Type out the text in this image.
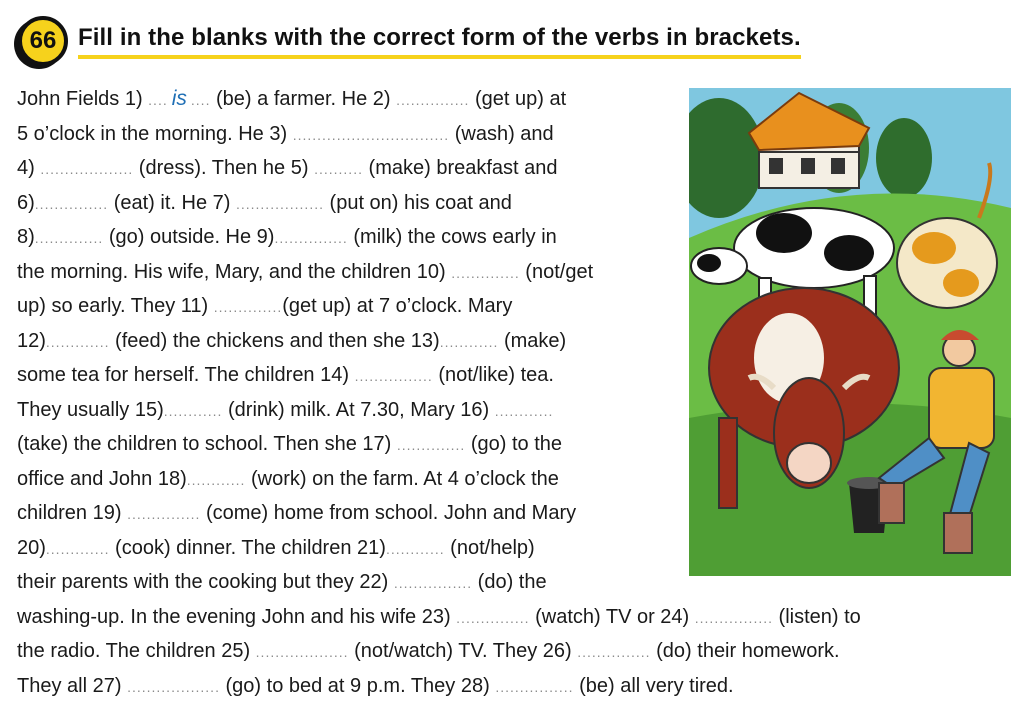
66 Fill in the blanks with the correct form of the verbs in brackets.
John Fields 1) .... is .... (be) a farmer. He 2) ............... (get up) at
5 o’clock in the morning. He 3) ................................ (wash) and
4) ................... (dress). Then he 5) .......... (make) breakfast and
6)............... (eat) it. He 7) .................. (put on) his coat and
8).............. (go) outside. He 9)............... (milk) the cows early in
the morning. His wife, Mary, and the children 10) .............. (not/get
up) so early. They 11) ..............(get up) at 7 o’clock. Mary
12)............. (feed) the chickens and then she 13)............ (make)
some tea for herself. The children 14) ................ (not/like) tea.
They usually 15)............ (drink) milk. At 7.30, Mary 16) ............
(take) the children to school. Then she 17) .............. (go) to the
office and John 18)............ (work) on the farm. At 4 o’clock the
children 19) ............... (come) home from school. John and Mary
20)............. (cook) dinner. The children 21)............ (not/help)
their parents with the cooking but they 22) ................ (do) the
washing-up. In the evening John and his wife 23) ............... (watch) TV or 24) ................ (listen) to
the radio. The children 25) ................... (not/watch) TV. They 26) ............... (do) their homework.
They all 27) ................... (go) to bed at 9 p.m. They 28) ................ (be) all very tired.
